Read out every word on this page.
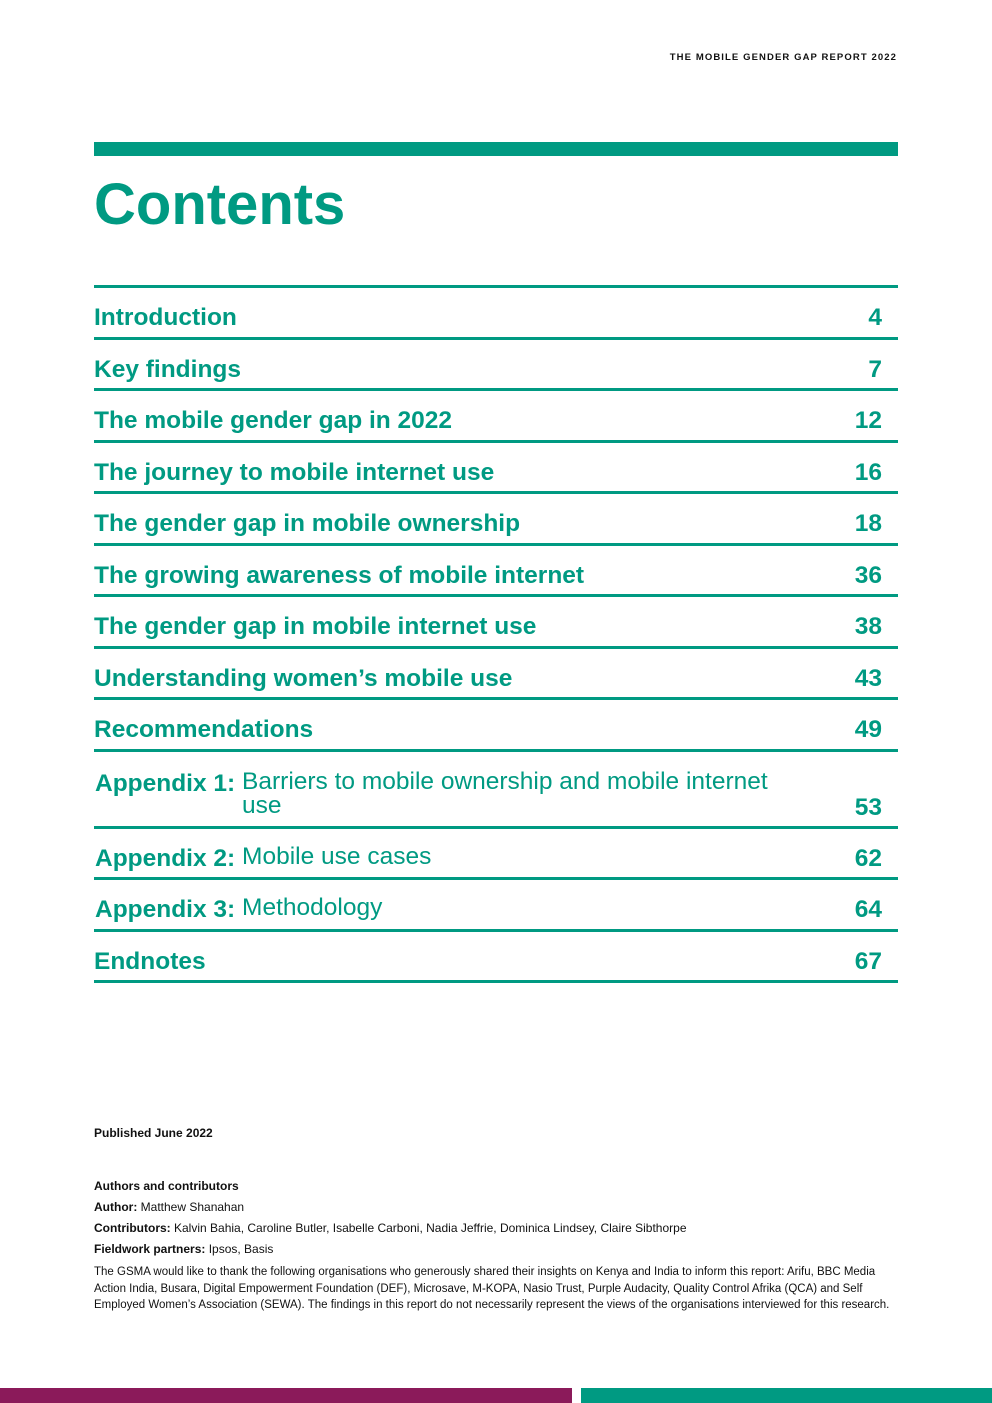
THE MOBILE GENDER GAP REPORT 2022
Contents
Introduction	4
Key findings	7
The mobile gender gap in 2022	12
The journey to mobile internet use	16
The gender gap in mobile ownership	18
The growing awareness of mobile internet	36
The gender gap in mobile internet use	38
Understanding women’s mobile use	43
Recommendations	49
Appendix 1: Barriers to mobile ownership and mobile internet use	53
Appendix 2: Mobile use cases	62
Appendix 3: Methodology	64
Endnotes	67
Published June 2022
Authors and contributors
Author: Matthew Shanahan
Contributors: Kalvin Bahia, Caroline Butler, Isabelle Carboni, Nadia Jeffrie, Dominica Lindsey, Claire Sibthorpe
Fieldwork partners: Ipsos, Basis
The GSMA would like to thank the following organisations who generously shared their insights on Kenya and India to inform this report: Arifu, BBC Media Action India, Busara, Digital Empowerment Foundation (DEF), Microsave, M-KOPA, Nasio Trust, Purple Audacity, Quality Control Afrika (QCA) and Self Employed Women’s Association (SEWA). The findings in this report do not necessarily represent the views of the organisations interviewed for this research.
